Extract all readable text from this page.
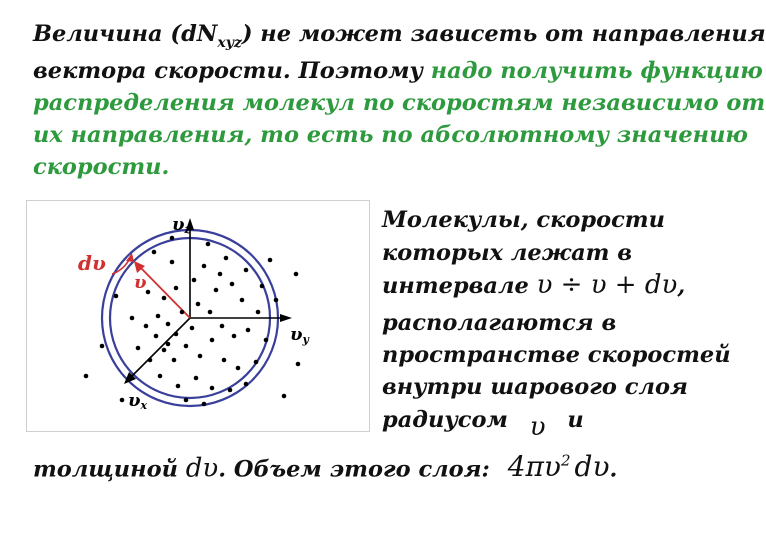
Величина $(dN_{xyz})$ не может зависеть от направления
вектора скорости. Поэтому надо получить функцию
распределения молекул по скоростям независимо от
их направления, то есть по абсолютному значению
скорости.
υz
υy
υx
υ
dυ
Молекулы, скорости
которых лежат в
интервале υ ÷ υ + dυ,
располагаются в
пространстве скоростей
внутри шарового слоя
радиусом υ и
толщиной dυ. Объем этого слоя: $4\pi\upsilon^2$ dυ.
